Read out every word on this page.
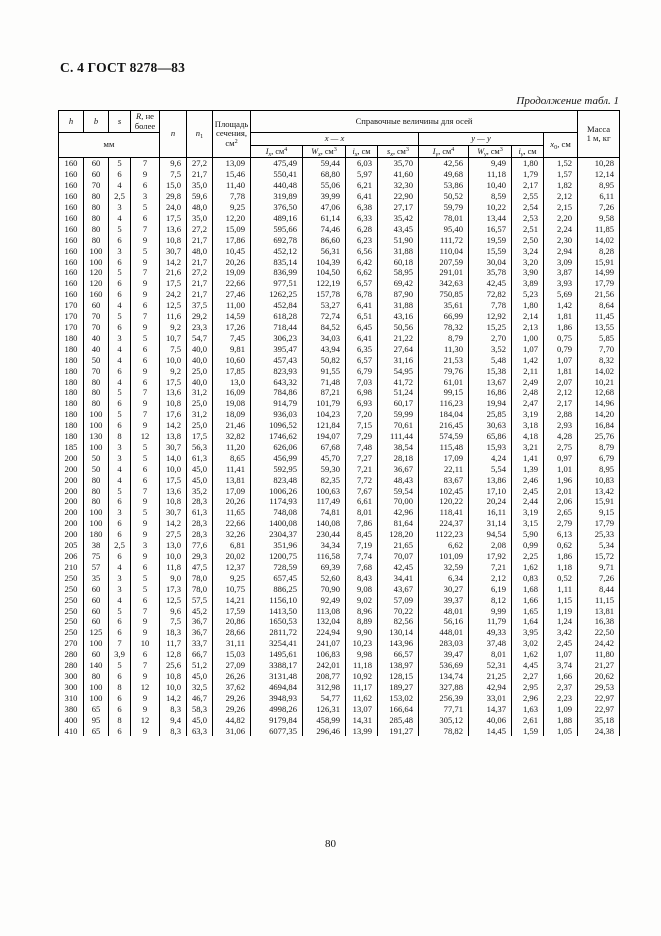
С. 4 ГОСТ 8278—83
Продолжение табл. 1
h	b	s	R, не более	n	$n_1$	Площадь сечения, $см^2$	Справочные величины для осей								Масса
1 м, кг

мм							x — x				y — y			$x_0$, см	
							$I_x$, $см^4$	$W_x$, $см^3$	$i_x$, см	$s_x$, $см^3$	$I_y$, $см^4$	$W_y$, $см^3$	$i_y$, см		
160	60	5	7	9,6	27,2	13,09	475,49	59,44	6,03	35,70	42,56	9,49	1,80	1,52	10,28
160	60	6	9	7,5	21,7	15,46	550,41	68,80	5,97	41,60	49,68	11,18	1,79	1,57	12,14
160	70	4	6	15,0	35,0	11,40	440,48	55,06	6,21	32,30	53,86	10,40	2,17	1,82	8,95
160	80	2,5	3	29,8	59,6	7,78	319,89	39,99	6,41	22,90	50,52	8,59	2,55	2,12	6,11
160	80	3	5	24,0	48,0	9,25	376,50	47,06	6,38	27,17	59,79	10,22	2,54	2,15	7,26
160	80	4	6	17,5	35,0	12,20	489,16	61,14	6,33	35,42	78,01	13,44	2,53	2,20	9,58
160	80	5	7	13,6	27,2	15,09	595,66	74,46	6,28	43,45	95,40	16,57	2,51	2,24	11,85
160	80	6	9	10,8	21,7	17,86	692,78	86,60	6,23	51,90	111,72	19,59	2,50	2,30	14,02
160	100	3	5	30,7	48,0	10,45	452,12	56,31	6,56	31,88	110,04	15,59	3,24	2,94	8,28
160	100	6	9	14,2	21,7	20,26	835,14	104,39	6,42	60,18	207,59	30,04	3,20	3,09	15,91
160	120	5	7	21,6	27,2	19,09	836,99	104,50	6,62	58,95	291,01	35,78	3,90	3,87	14,99
160	120	6	9	17,5	21,7	22,66	977,51	122,19	6,57	69,42	342,63	42,45	3,89	3,93	17,79
160	160	6	9	24,2	21,7	27,46	1262,25	157,78	6,78	87,90	750,85	72,82	5,23	5,69	21,56
170	60	4	6	12,5	37,5	11,00	452,84	53,27	6,41	31,88	35,61	7,78	1,80	1,42	8,64
170	70	5	7	11,6	29,2	14,59	618,28	72,74	6,51	43,16	66,99	12,92	2,14	1,81	11,45
170	70	6	9	9,2	23,3	17,26	718,44	84,52	6,45	50,56	78,32	15,25	2,13	1,86	13,55
180	40	3	5	10,7	54,7	7,45	306,23	34,03	6,41	21,22	8,79	2,70	1,00	0,75	5,85
180	40	4	6	7,5	40,0	9,81	395,47	43,94	6,35	27,64	11,30	3,52	1,07	0,79	7,70
180	50	4	6	10,0	40,0	10,60	457,43	50,82	6,57	31,16	21,53	5,48	1,42	1,07	8,32
180	70	6	9	9,2	25,0	17,85	823,93	91,55	6,79	54,95	79,76	15,38	2,11	1,81	14,02
180	80	4	6	17,5	40,0	13,0	643,32	71,48	7,03	41,72	61,01	13,67	2,49	2,07	10,21
180	80	5	7	13,6	31,2	16,09	784,86	87,21	6,98	51,24	99,15	16,86	2,48	2,12	12,68
180	80	6	9	10,8	25,0	19,08	914,79	101,79	6,93	60,17	116,23	19,94	2,47	2,17	14,96
180	100	5	7	17,6	31,2	18,09	936,03	104,23	7,20	59,99	184,04	25,85	3,19	2,88	14,20
180	100	6	9	14,2	25,0	21,46	1096,52	121,84	7,15	70,61	216,45	30,63	3,18	2,93	16,84
180	130	8	12	13,8	17,5	32,82	1746,62	194,07	7,29	111,44	574,59	65,86	4,18	4,28	25,76
185	100	3	5	30,7	56,3	11,20	626,06	67,68	7,48	38,54	115,48	15,93	3,21	2,75	8,79
200	50	3	5	14,0	61,3	8,65	456,99	45,70	7,27	28,18	17,09	4,24	1,41	0,97	6,79
200	50	4	6	10,0	45,0	11,41	592,95	59,30	7,21	36,67	22,11	5,54	1,39	1,01	8,95
200	80	4	6	17,5	45,0	13,81	823,48	82,35	7,72	48,43	83,67	13,86	2,46	1,96	10,83
200	80	5	7	13,6	35,2	17,09	1006,26	100,63	7,67	59,54	102,45	17,10	2,45	2,01	13,42
200	80	6	9	10,8	28,3	20,26	1174,93	117,49	6,61	70,00	120,22	20,24	2,44	2,06	15,91
200	100	3	5	30,7	61,3	11,65	748,08	74,81	8,01	42,96	118,41	16,11	3,19	2,65	9,15
200	100	6	9	14,2	28,3	22,66	1400,08	140,08	7,86	81,64	224,37	31,14	3,15	2,79	17,79
200	180	6	9	27,5	28,3	32,26	2304,37	230,44	8,45	128,20	1122,23	94,54	5,90	6,13	25,33
205	38	2,5	3	13,0	77,6	6,81	351,96	34,34	7,19	21,65	6,62	2,08	0,99	0,62	5,34
206	75	6	9	10,0	29,3	20,02	1200,75	116,58	7,74	70,07	101,09	17,92	2,25	1,86	15,72
210	57	4	6	11,8	47,5	12,37	728,59	69,39	7,68	42,45	32,59	7,21	1,62	1,18	9,71
250	35	3	5	9,0	78,0	9,25	657,45	52,60	8,43	34,41	6,34	2,12	0,83	0,52	7,26
250	60	3	5	17,3	78,0	10,75	886,25	70,90	9,08	43,67	30,27	6,19	1,68	1,11	8,44
250	60	4	6	12,5	57,5	14,21	1156,10	92,49	9,02	57,09	39,37	8,12	1,66	1,15	11,15
250	60	5	7	9,6	45,2	17,59	1413,50	113,08	8,96	70,22	48,01	9,99	1,65	1,19	13,81
250	60	6	9	7,5	36,7	20,86	1650,53	132,04	8,89	82,56	56,16	11,79	1,64	1,24	16,38
250	125	6	9	18,3	36,7	28,66	2811,72	224,94	9,90	130,14	448,01	49,33	3,95	3,42	22,50
270	100	7	10	11,7	33,7	31,11	3254,41	241,07	10,23	143,96	283,03	37,48	3,02	2,45	24,42
280	60	3,9	6	12,8	66,7	15,03	1495,61	106,83	9,98	66,57	39,47	8,01	1,62	1,07	11,80
280	140	5	7	25,6	51,2	27,09	3388,17	242,01	11,18	138,97	536,69	52,31	4,45	3,74	21,27
300	80	6	9	10,8	45,0	26,26	3131,48	208,77	10,92	128,15	134,74	21,25	2,27	1,66	20,62
300	100	8	12	10,0	32,5	37,62	4694,84	312,98	11,17	189,27	327,88	42,94	2,95	2,37	29,53
310	100	6	9	14,2	46,7	29,26	3948,93	54,77	11,62	153,02	256,39	33,01	2,96	2,23	22,97
380	65	6	9	8,3	58,3	29,26	4998,26	126,31	13,07	166,64	77,71	14,37	1,63	1,09	22,97
400	95	8	12	9,4	45,0	44,82	9179,84	458,99	14,31	285,48	305,12	40,06	2,61	1,88	35,18
410	65	6	9	8,3	63,3	31,06	6077,35	296,46	13,99	191,27	78,82	14,45	1,59	1,05	24,38
80
